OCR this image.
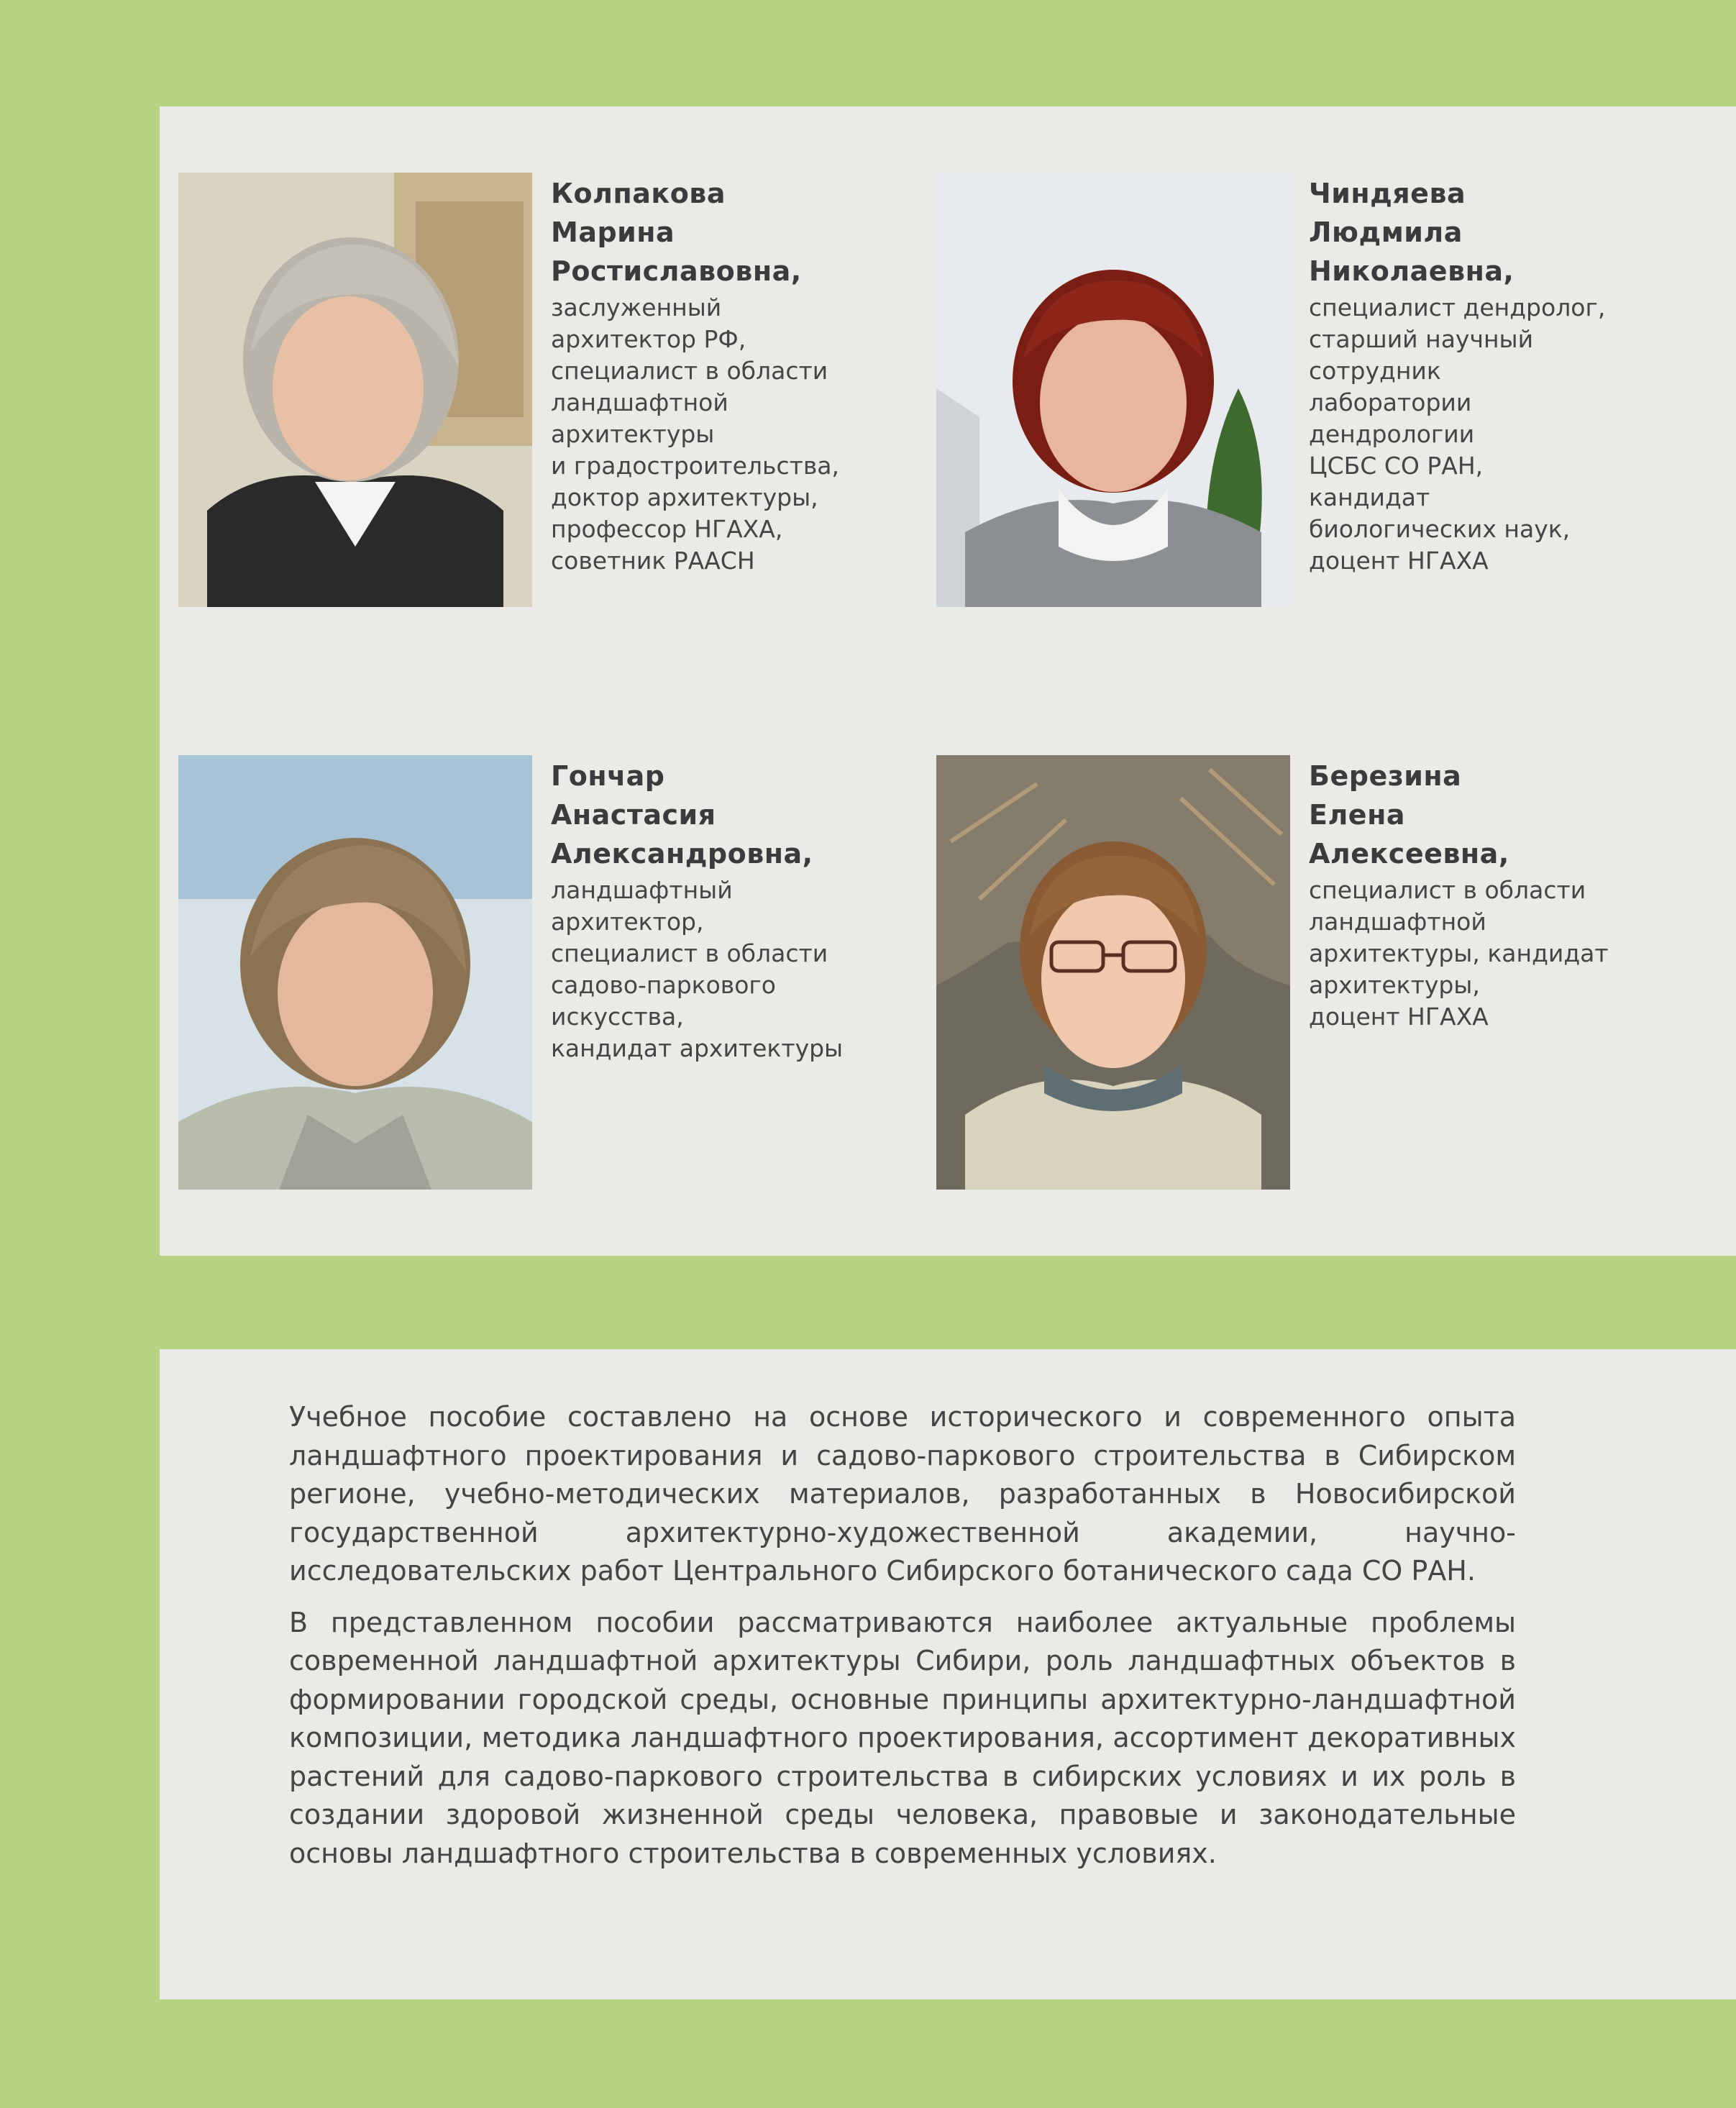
Колпакова
Марина
Ростиславовна,
заслуженный
архитектор РФ,
специалист в области
ландшафтной
архитектуры
и градостроительства,
доктор архитектуры,
профессор НГАХА,
советник РААСН
Чиндяева
Людмила
Николаевна,
специалист дендролог,
старший научный
сотрудник
лаборатории
дендрологии
ЦСБС СО РАН,
кандидат
биологических наук,
доцент НГАХА
Гончар
Анастасия
Александровна,
ландшафтный
архитектор,
специалист в области
садово-паркового
искусства,
кандидат архитектуры
Березина
Елена
Алексеевна,
специалист в области
ландшафтной
архитектуры, кандидат
архитектуры,
доцент НГАХА

Учебное пособие составлено на основе исторического и современного опыта ландшафтного проектирования и садово-паркового строительства в Сибирском регионе, учебно-методических материалов, разработанных в Новосибирской государственной архитектурно-художественной академии, научно-исследовательских работ Центрального Сибирского ботанического сада СО РАН.

В представленном пособии рассматриваются наиболее актуальные проблемы современной ландшафтной архитектуры Сибири, роль ландшафтных объектов в формировании городской среды, основные принципы архитектурно-ландшафтной композиции, методика ландшафтного проектирования, ассортимент декоративных растений для садово-паркового строительства в сибирских условиях и их роль в создании здоровой жизненной среды человека, правовые и законодательные основы ландшафтного строительства в современных условиях.
